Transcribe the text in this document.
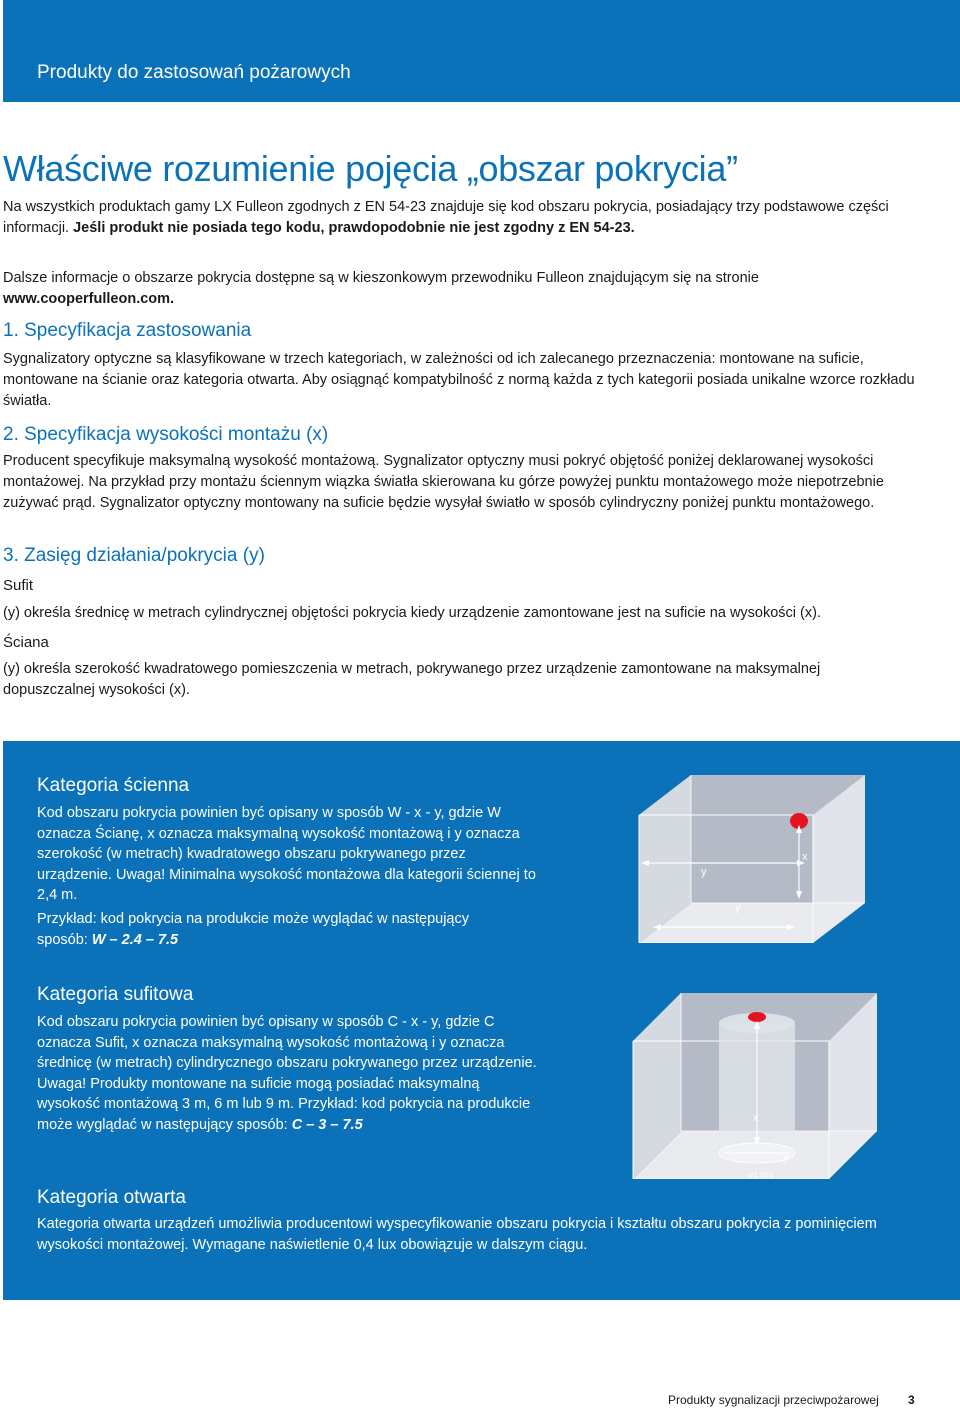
Produkty do zastosowań pożarowych
Właściwe rozumienie pojęcia „obszar pokrycia”

Na wszystkich produktach gamy LX Fulleon zgodnych z EN 54-23 znajduje się kod obszaru pokrycia, posiadający trzy podstawowe części informacji. Jeśli produkt nie posiada tego kodu, prawdopodobnie nie jest zgodny z EN 54-23.

Dalsze informacje o obszarze pokrycia dostępne są w kieszonkowym przewodniku Fulleon znajdującym się na stronie
www.cooperfulleon.com.

1. Specyfikacja zastosowania

Sygnalizatory optyczne są klasyfikowane w trzech kategoriach, w zależności od ich zalecanego przeznaczenia: montowane na suficie, montowane na ścianie oraz kategoria otwarta. Aby osiągnąć kompatybilność z normą każda z tych kategorii posiada unikalne wzorce rozkładu światła.

2. Specyfikacja wysokości montażu (x)

Producent specyfikuje maksymalną wysokość montażową. Sygnalizator optyczny musi pokryć objętość poniżej deklarowanej wysokości montażowej. Na przykład przy montażu ściennym wiązka światła skierowana ku górze powyżej punktu montażowego może niepotrzebnie zużywać prąd. Sygnalizator optyczny montowany na suficie będzie wysyłał światło w sposób cylindryczny poniżej punktu montażowego.

3. Zasięg działania/pokrycia (y)
Sufit

(y) określa średnicę w metrach cylindrycznej objętości pokrycia kiedy urządzenie zamontowane jest na suficie na wysokości (x).

Ściana

(y) określa szerokość kwadratowego pomieszczenia w metrach, pokrywanego przez urządzenie zamontowane na maksymalnej dopuszczalnej wysokości (x).

Kategoria ścienna

Kod obszaru pokrycia powinien być opisany w sposób W - x - y, gdzie W oznacza Ścianę, x oznacza maksymalną wysokość montażową i y oznacza szerokość (w metrach) kwadratowego obszaru pokrywanego przez urządzenie. Uwaga! Minimalna wysokość montażowa dla kategorii ściennej to 2,4 m.

Przykład: kod pokrycia na produkcie może wyglądać w następujący sposób: W – 2.4 – 7.5

y
x
y
Kategoria sufitowa

Kod obszaru pokrycia powinien być opisany w sposób C - x - y, gdzie C oznacza Sufit, x oznacza maksymalną wysokość montażową i y oznacza średnicę (w metrach) cylindrycznego obszaru pokrywanego przez urządzenie. Uwaga! Produkty montowane na suficie mogą posiadać maksymalną wysokość montażową 3 m, 6 m lub 9 m. Przykład: kod pokrycia na produkcie może wyglądać w następujący sposób: C – 3 – 7.5	x
y
y/1.414
Kategoria otwarta

Kategoria otwarta urządzeń umożliwia producentowi wyspecyfikowanie obszaru pokrycia i kształtu obszaru pokrycia z pominięciem wysokości montażowej. Wymagane naświetlenie 0,4 lux obowiązuje w dalszym ciągu.

Produkty sygnalizacji przeciwpożarowej 3
